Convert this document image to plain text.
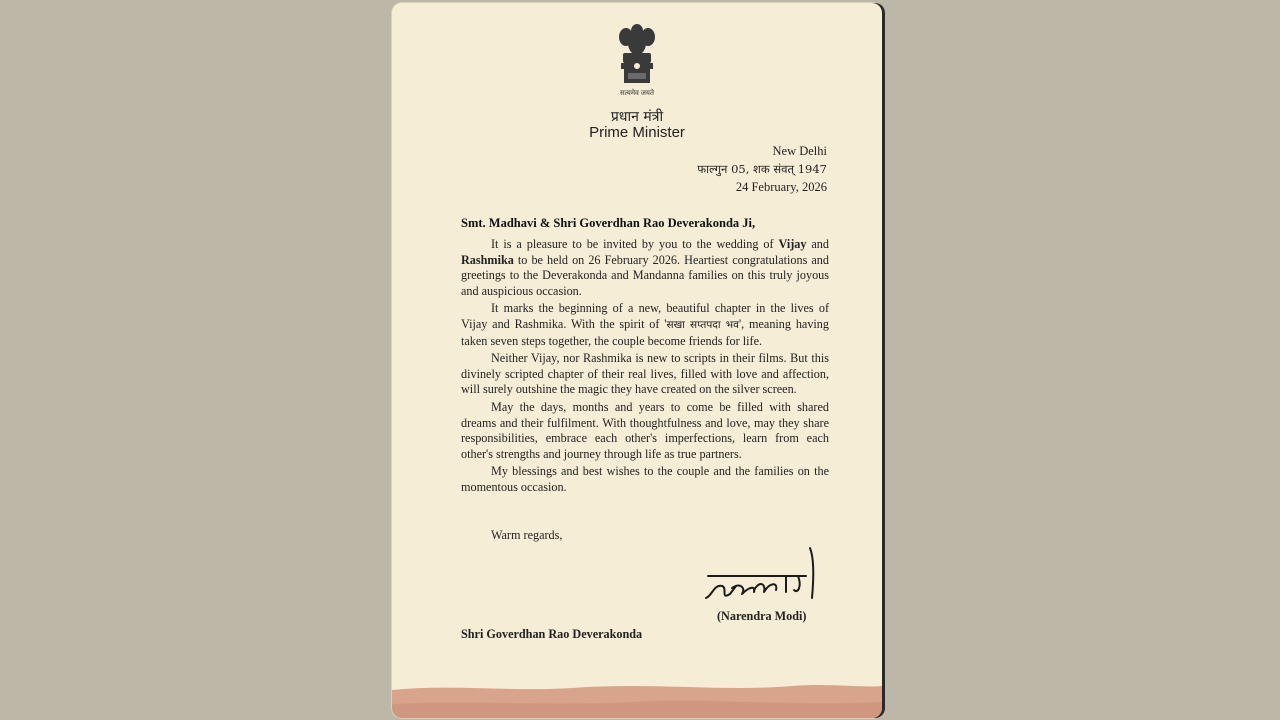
सत्यमेव जयते
प्रधान मंत्री
Prime Minister
New Delhi
फाल्गुन 05, शक संवत् 1947
24 February, 2026
Smt. Madhavi & Shri Goverdhan Rao Deverakonda Ji,

It is a pleasure to be invited by you to the wedding of Vijay and Rashmika to be held on 26 February 2026. Heartiest congratulations and greetings to the Deverakonda and Mandanna families on this truly joyous and auspicious occasion.

It marks the beginning of a new, beautiful chapter in the lives of Vijay and Rashmika. With the spirit of 'सखा सप्तपदा भव', meaning having taken seven steps together, the couple become friends for life.

Neither Vijay, nor Rashmika is new to scripts in their films. But this divinely scripted chapter of their real lives, filled with love and affection, will surely outshine the magic they have created on the silver screen.

May the days, months and years to come be filled with shared dreams and their fulfilment. With thoughtfulness and love, may they share responsibilities, embrace each other's imperfections, learn from each other's strengths and journey through life as true partners.

My blessings and best wishes to the couple and the families on the momentous occasion.

Warm regards,
(Narendra Modi)
Shri Goverdhan Rao Deverakonda
